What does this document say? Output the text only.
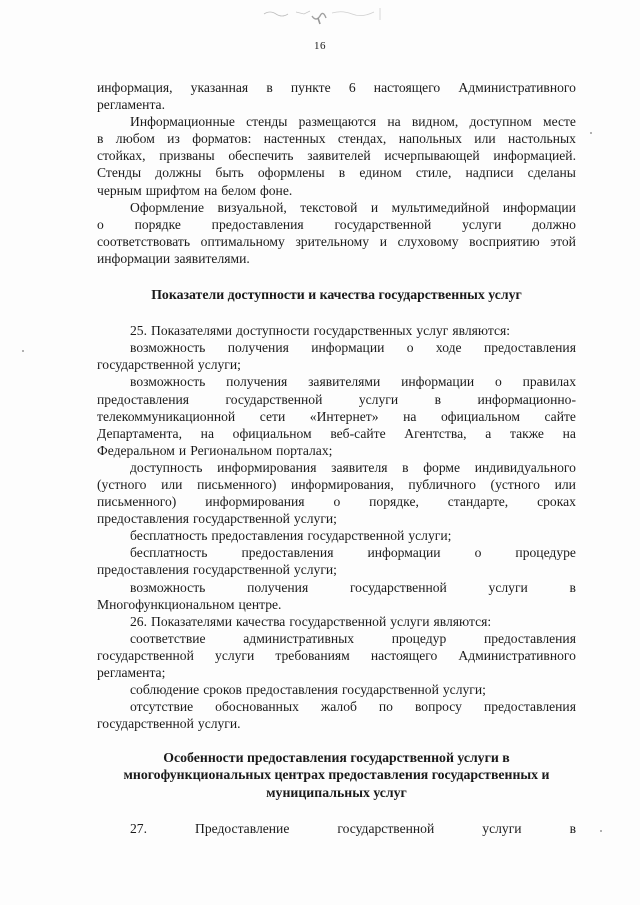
16
информация, указанная в пункте 6 настоящего Административного
регламента.
Информационные стенды размещаются на видном, доступном месте
в любом из форматов: настенных стендах, напольных или настольных
стойках, призваны обеспечить заявителей исчерпывающей информацией.
Стенды должны быть оформлены в едином стиле, надписи сделаны
черным шрифтом на белом фоне.
Оформление визуальной, текстовой и мультимедийной информации
о порядке предоставления государственной услуги должно
соответствовать оптимальному зрительному и слуховому восприятию этой
информации заявителями.
Показатели доступности и качества государственных услуг
25. Показателями доступности государственных услуг являются:
возможность получения информации о ходе предоставления
государственной услуги;
возможность получения заявителями информации о правилах
предоставления	государственной	услуги	в	информационно-
телекоммуникационной сети «Интернет» на официальном сайте
Департамента, на официальном веб-сайте Агентства, а также на
Федеральном и Региональном порталах;
доступность информирования заявителя в форме индивидуального
(устного или письменного) информирования, публичного (устного или
письменного) информирования о порядке, стандарте, сроках
предоставления государственной услуги;
бесплатность предоставления государственной услуги;
бесплатность	предоставления	информации	о	процедуре
предоставления государственной услуги;
возможность	получения	государственной	услуги	в
Многофункциональном центре.
26. Показателями качества государственной услуги являются:
соответствие	административных	процедур	предоставления
государственной услуги требованиям настоящего Административного
регламента;
соблюдение сроков предоставления государственной услуги;
отсутствие обоснованных жалоб по вопросу предоставления
государственной услуги.
Особенности предоставления государственной услуги в
многофункциональных центрах предоставления государственных и
муниципальных услуг
27.	Предоставление	государственной	услуги	в
